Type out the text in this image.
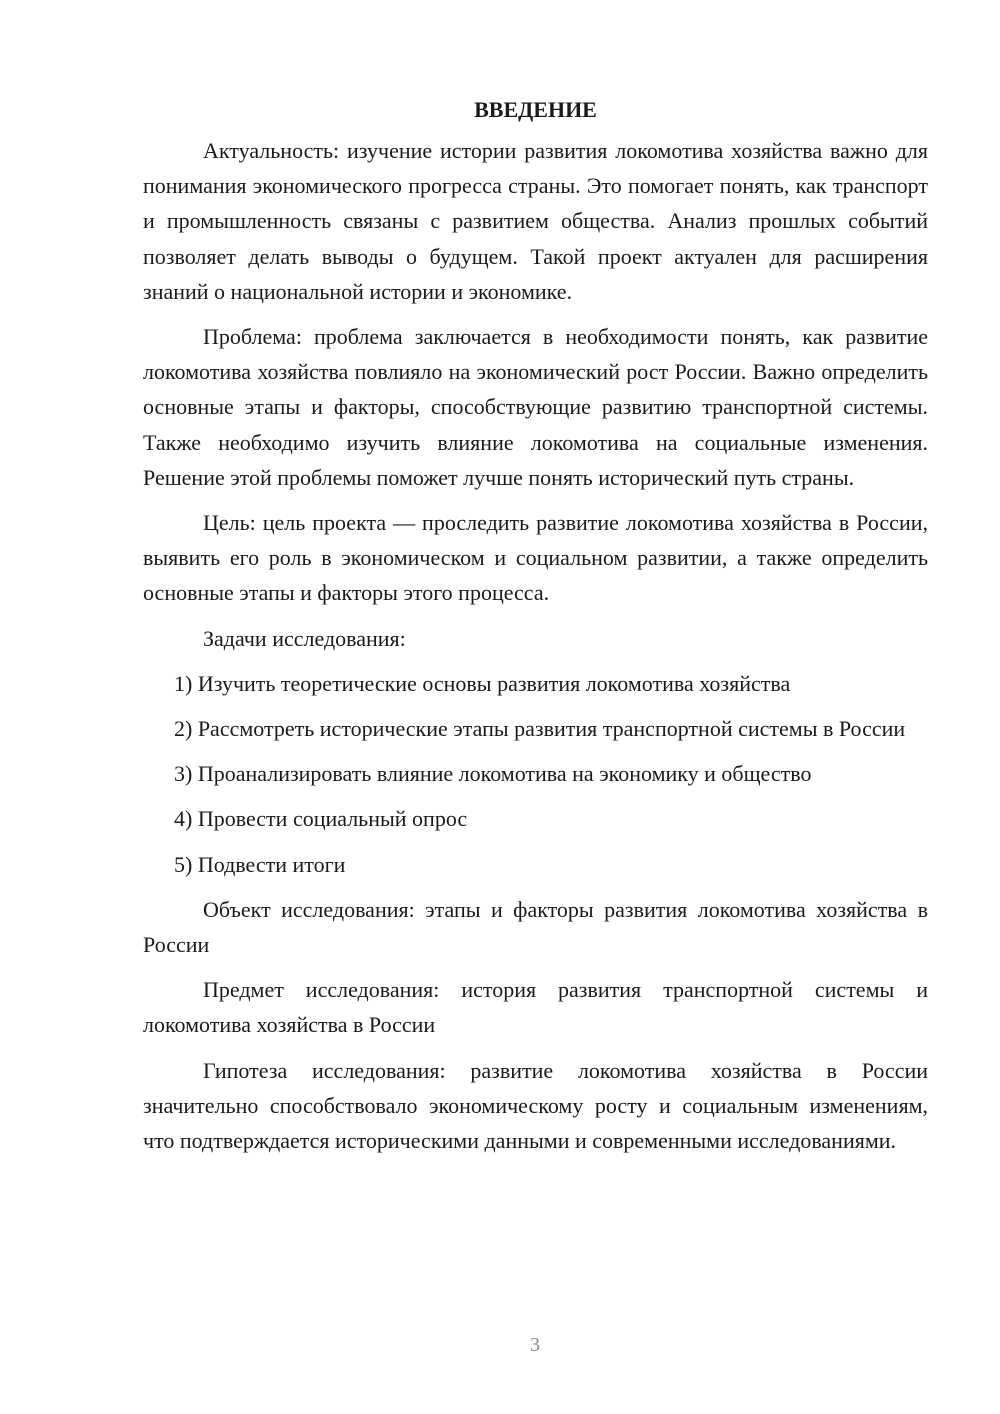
ВВЕДЕНИЕ

Актуальность: изучение истории развития локомотива хозяйства важно для понимания экономического прогресса страны. Это помогает понять, как транспорт и промышленность связаны с развитием общества. Анализ прошлых событий позволяет делать выводы о будущем. Такой проект актуален для расширения знаний о национальной истории и экономике.

Проблема: проблема заключается в необходимости понять, как развитие локомотива хозяйства повлияло на экономический рост России. Важно определить основные этапы и факторы, способствующие развитию транспортной системы. Также необходимо изучить влияние локомотива на социальные изменения. Решение этой проблемы поможет лучше понять исторический путь страны.

Цель: цель проекта — проследить развитие локомотива хозяйства в России, выявить его роль в экономическом и социальном развитии, а также определить основные этапы и факторы этого процесса.

Задачи исследования:

1) Изучить теоретические основы развития локомотива хозяйства

2) Рассмотреть исторические этапы развития транспортной системы в России

3) Проанализировать влияние локомотива на экономику и общество

4) Провести социальный опрос

5) Подвести итоги

Объект исследования: этапы и факторы развития локомотива хозяйства в России

Предмет исследования: история развития транспортной системы и локомотива хозяйства в России

Гипотеза исследования: развитие локомотива хозяйства в России значительно способствовало экономическому росту и социальным изменениям, что подтверждается историческими данными и современными исследованиями.

3
